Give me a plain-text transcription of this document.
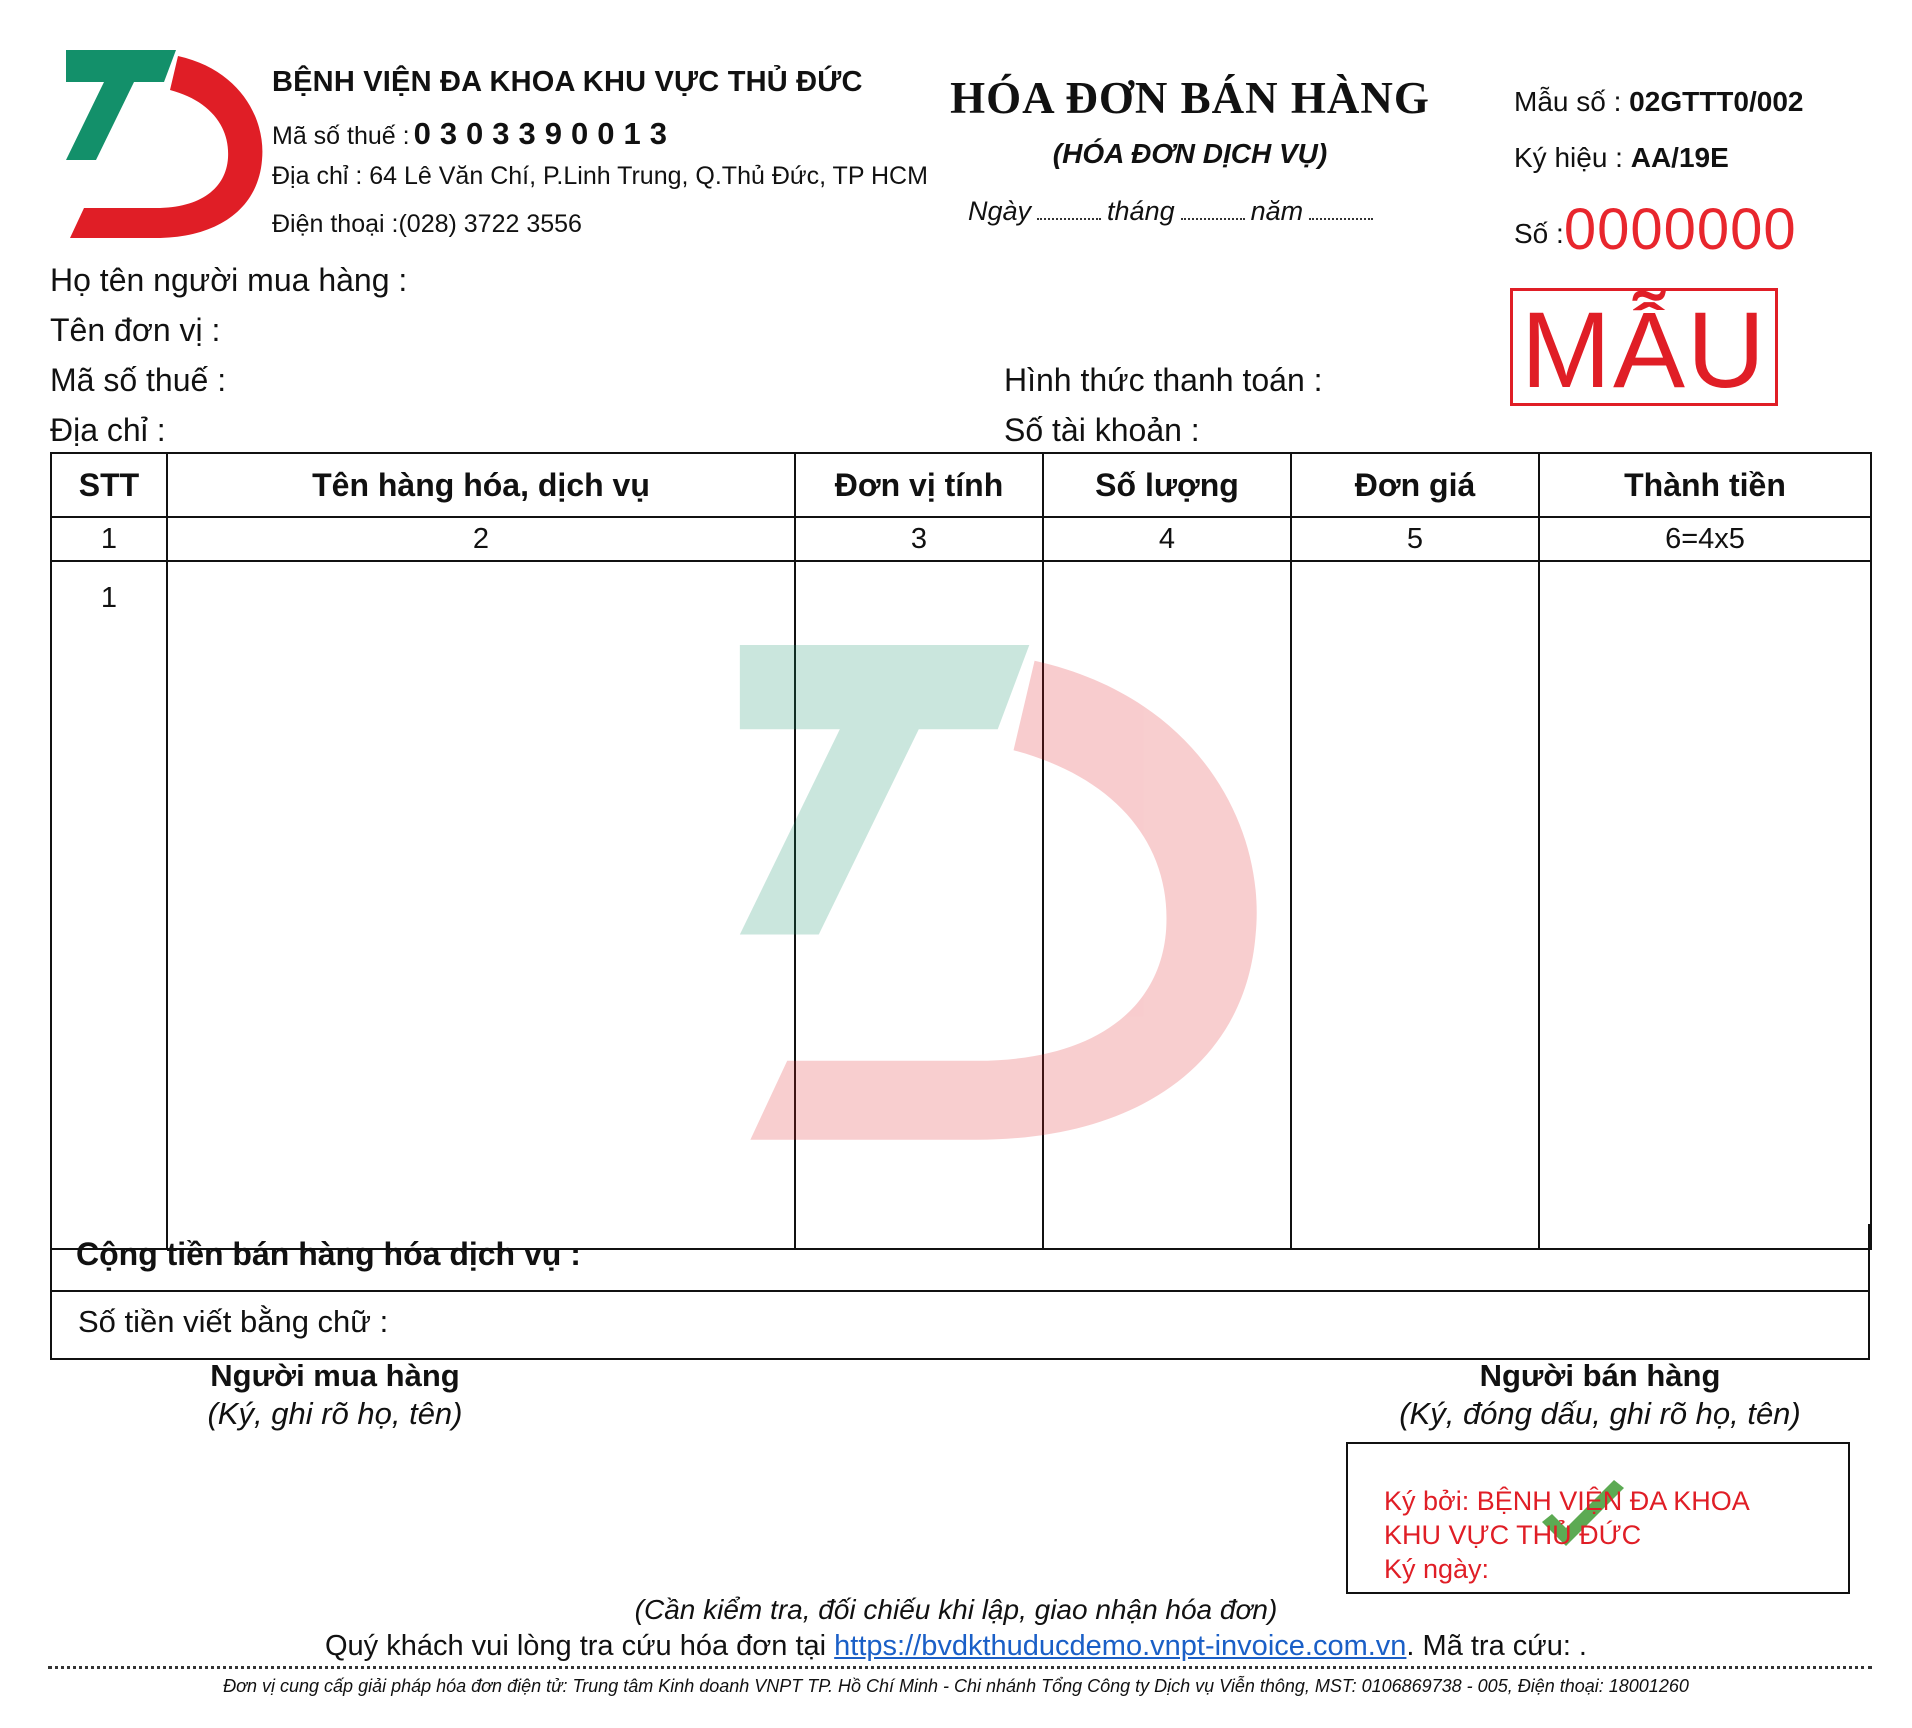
BỆNH VIỆN ĐA KHOA KHU VỰC THỦ ĐỨC
Mã số thuế : 0303390013
Địa chỉ : 64 Lê Văn Chí, P.Linh Trung, Q.Thủ Đức, TP HCM
Điện thoại :(028) 3722 3556
HÓA ĐƠN BÁN HÀNG
(HÓA ĐƠN DỊCH VỤ)
Ngày	tháng	năm
Mẫu số : 02GTTT0/002
Ký hiệu : AA/19E
Số :0000000
MẪU
Họ tên người mua hàng :
Tên đơn vị :
Mã số thuế :
Địa chỉ :
Hình thức thanh toán :
Số tài khoản :
STT	Tên hàng hóa, dịch vụ	Đơn vị tính	Số lượng	Đơn giá	Thành tiền
1	2	3	4	5	6=4x5
1					
Cộng tiền bán hàng hóa dịch vụ :
Số tiền viết bằng chữ :
Người mua hàng
(Ký, ghi rõ họ, tên)
Người bán hàng
(Ký, đóng dấu, ghi rõ họ, tên)
Ký bởi: BỆNH VIỆN ĐA KHOA
KHU VỰC THỦ ĐỨC
Ký ngày:
(Cần kiểm tra, đối chiếu khi lập, giao nhận hóa đơn)
Quý khách vui lòng tra cứu hóa đơn tại https://bvdkthuducdemo.vnpt-invoice.com.vn. Mã tra cứu: .
Đơn vị cung cấp giải pháp hóa đơn điện tử: Trung tâm Kinh doanh VNPT TP. Hồ Chí Minh - Chi nhánh Tổng Công ty Dịch vụ Viễn thông, MST: 0106869738 - 005, Điện thoại: 18001260
